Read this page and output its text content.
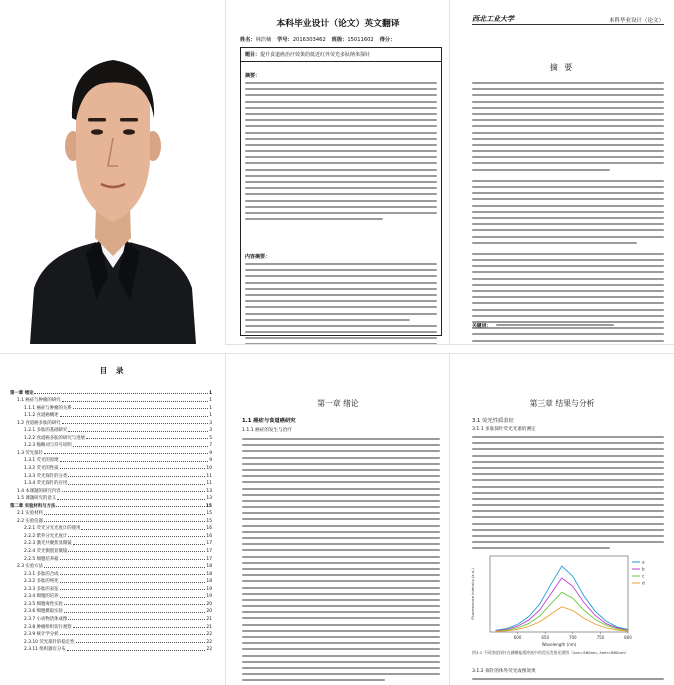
本科毕业设计（论文）英文翻译
姓名：林浩楠 学号：2016303462 班级：15011602 得分：
题目：提升食道癌治疗效果的低近红外荧光多肽纳米探针
摘要：
内容摘要：
西北工业大学	本科毕业设计（论文）
摘 要
关键词：
目 录
第一章 绪论	1
1.1 癌症与肿瘤的研究	1
1.1.1 癌症与肿瘤的关系	1
1.1.2 食道癌概述	1
1.2 食道癌多肽的研究	3
1.2.1 多肽的基础研究	3
1.2.2 食道癌多肽的研究与进展	5
1.2.3 缩略词与符号说明	7
1.3 荧光探针	9
1.3.1 荧光的原理	9
1.3.2 荧光的性质	10
1.3.3 荧光探针的分类	11
1.3.4 荧光探针的应用	11
1.4 本课题的研究内容	13
1.5 课题研究的意义	13
第二章 实验材料与方法	15
2.1 实验材料	15
2.2 实验仪器	15
2.2.1 荧光分光光度计的使用	16
2.2.2 紫外分光光度计	16
2.2.3 激光共聚焦显微镜	17
2.2.4 荧光倒置显微镜	17
2.2.5 细胞培养箱	17
2.3 实验方法	18
2.3.1 多肽的合成	18
2.3.2 多肽的纯化	18
2.3.3 多肽的表征	19
2.3.4 细胞的培养	19
2.3.5 细胞毒性实验	20
2.3.6 细胞摄取实验	20
2.3.7 小动物活体成像	21
2.3.8 肿瘤组织切片观察	21
2.3.9 统计学分析	22
2.3.10 荧光探针的稳定性	22
2.3.11 组织器官分布	22
第一章 绪论
1.1 癌症与食道癌研究
1.1.1 癌症的发生与治疗
第三章 结果与分析
3.1 荧光性质表征
3.1.1 多肽探针荧光光谱的测定
600	650	700	750	800
Wavelength (nm)
Fluorescence Intensity (a.u.)
a
b
c
d
图3-1 不同浓度探针在磷酸盐缓冲液中的荧光发射光谱图（λex=560nm, λem=680nm）
3.1.2 探针的体外荧光成像效果
